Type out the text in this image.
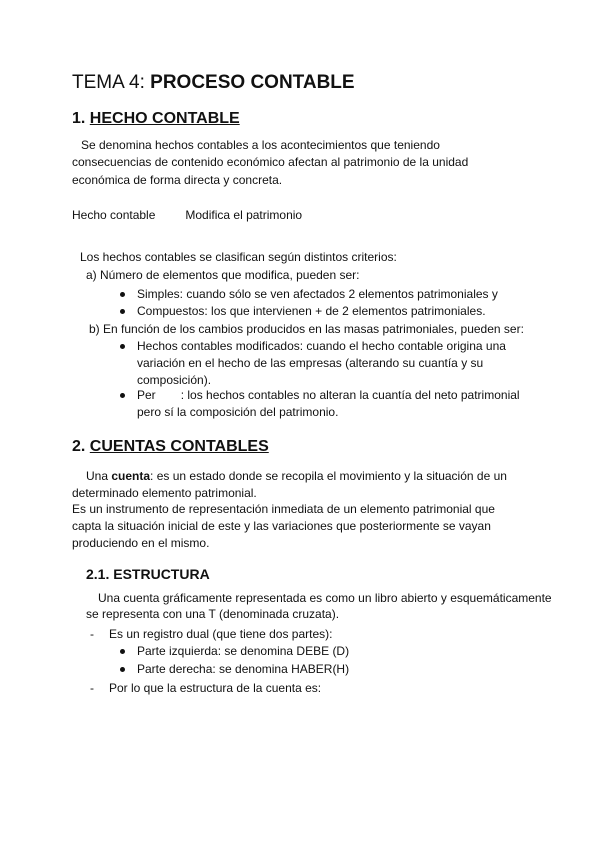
TEMA 4: PROCESO CONTABLE
1. HECHO CONTABLE
Se denomina hechos contables a los acontecimientos que teniendo
consecuencias de contenido económico afectan al patrimonio de la unidad
económica de forma directa y concreta.
Hecho contable	Modifica el patrimonio
Los hechos contables se clasifican según distintos criterios:
a) Número de elementos que modifica, pueden ser:
Simples: cuando sólo se ven afectados 2 elementos patrimoniales y
Compuestos: los que intervienen + de 2 elementos patrimoniales.
b) En función de los cambios producidos en las masas patrimoniales, pueden ser:
Hechos contables modificados: cuando el hecho contable origina una
variación en el hecho de las empresas (alterando su cuantía y su
composición).
Per : los hechos contables no alteran la cuantía del neto patrimonial
pero sí la composición del patrimonio.
2. CUENTAS CONTABLES
Una cuenta: es un estado donde se recopila el movimiento y la situación de un
determinado elemento patrimonial.
Es un instrumento de representación inmediata de un elemento patrimonial que
capta la situación inicial de este y las variaciones que posteriormente se vayan
produciendo en el mismo.
2.1. ESTRUCTURA
Una cuenta gráficamente representada es como un libro abierto y esquemáticamente
se representa con una T (denominada cruzata).
- Es un registro dual (que tiene dos partes):
Parte izquierda: se denomina DEBE (D)
Parte derecha: se denomina HABER(H)
- Por lo que la estructura de la cuenta es:
